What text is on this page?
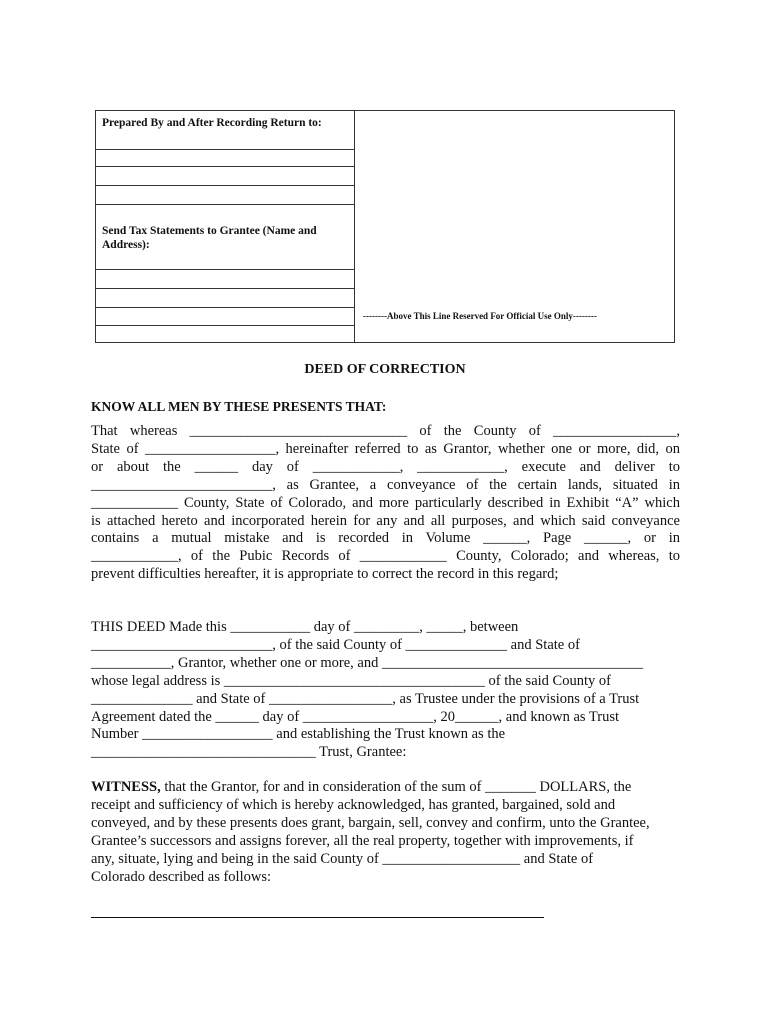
Prepared By and After Recording Return to:
Send Tax Statements to Grantee (Name and
Address):
--------Above This Line Reserved For Official Use Only--------
DEED OF CORRECTION
KNOW ALL MEN BY THESE PRESENTS THAT:
That whereas ______________________________ of the County of _________________,
State of __________________, hereinafter referred to as Grantor, whether one or more, did, on
or about the ______ day of ____________, ____________, execute and deliver to
_________________________, as Grantee, a conveyance of the certain lands, situated in
____________ County, State of Colorado, and more particularly described in Exhibit “A” which
is attached hereto and incorporated herein for any and all purposes, and which said conveyance
contains a mutual mistake and is recorded in Volume ______, Page ______, or in
____________, of the Pubic Records of ____________ County, Colorado; and whereas, to
prevent difficulties hereafter, it is appropriate to correct the record in this regard;
THIS DEED Made this ___________ day of _________, _____, between
_________________________, of the said County of ______________ and State of
___________, Grantor, whether one or more, and ____________________________________
whose legal address is ____________________________________ of the said County of
______________ and State of _________________, as Trustee under the provisions of a Trust
Agreement dated the ______ day of __________________, 20______, and known as Trust
Number __________________ and establishing the Trust known as the
_______________________________ Trust, Grantee:
WITNESS, that the Grantor, for and in consideration of the sum of _______ DOLLARS, the
receipt and sufficiency of which is hereby acknowledged, has granted, bargained, sold and
conveyed, and by these presents does grant, bargain, sell, convey and confirm, unto the Grantee,
Grantee’s successors and assigns forever, all the real property, together with improvements, if
any, situate, lying and being in the said County of ___________________ and State of
Colorado described as follows:
